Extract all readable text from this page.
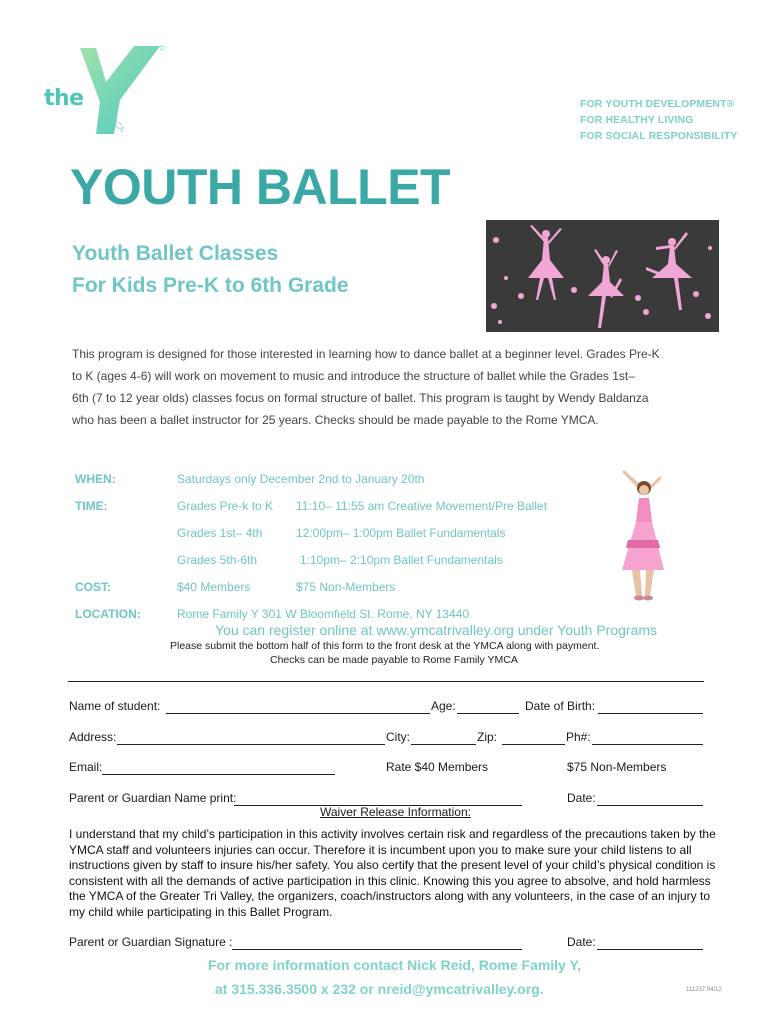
the
YMCA
FOR YOUTH DEVELOPMENT®
FOR HEALTHY LIVING
FOR SOCIAL RESPONSIBILITY
YOUTH BALLET
Youth Ballet Classes
For Kids Pre-K to 6th Grade
This program is designed for those interested in learning how to dance ballet at a beginner level. Grades Pre-K
to K (ages 4-6) will work on movement to music and introduce the structure of ballet while the Grades 1st–
6th (7 to 12 year olds) classes focus on formal structure of ballet. This program is taught by Wendy Baldanza
who has been a ballet instructor for 25 years. Checks should be made payable to the Rome YMCA.
WHEN:	Saturdays only December 2nd to January 20th
TIME:	Grades Pre-k to K 11:10– 11:55 am Creative Movement/Pre Ballet
Grades 1st– 4th	12:00pm– 1:00pm Ballet Fundamentals
Grades 5th-6th	1:10pm– 2:10pm Ballet Fundamentals
COST:	$40 Members	$75 Non-Members
LOCATION:	Rome Family Y 301 W Bloomfield St. Rome, NY 13440
You can register online at www.ymcatrivalley.org under Youth Programs
Please submit the bottom half of this form to the front desk at the YMCA along with payment.
Checks can be made payable to Rome Family YMCA
Name of student:	Age:	Date of Birth:
Address:	City:	Zip:	Ph#:
Email:	Rate $40 Members	$75 Non-Members
Parent or Guardian Name print:	Date:
Waiver Release Information:
I understand that my child’s participation in this activity involves certain risk and regardless of the precautions taken by the YMCA staff and volunteers injuries can occur. Therefore it is incumbent upon you to make sure your child listens to all instructions given by staff to insure his/her safety. You also certify that the present level of your child’s physical condition is consistent with all the demands of active participation in this clinic. Knowing this you agree to absolve, and hold harmless the YMCA of the Greater Tri Valley, the organizers, coach/instructors along with any volunteers, in the case of an injury to my child while participating in this Ballet Program.
Parent or Guardian Signature :	Date:
For more information contact Nick Reid, Rome Family Y,
at 315.336.3500 x 232 or nreid@ymcatrivalley.org.	111237 04/12
